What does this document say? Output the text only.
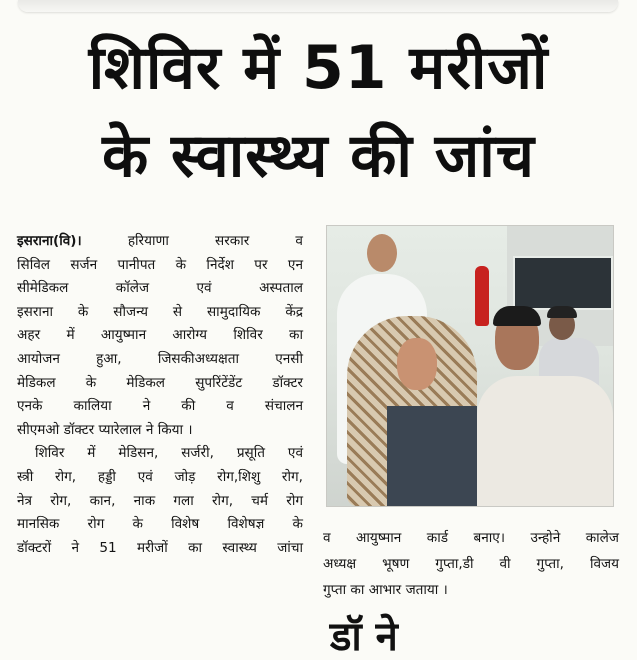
शिविर में 51 मरीजों
के स्वास्थ्य की जांच
इसराना(वि)। हरियाणा सरकार व
सिविल सर्जन पानीपत के निर्देश पर एन
सीमेडिकल कॉलेज एवं अस्पताल
इसराना के सौजन्य से सामुदायिक केंद्र
अहर में आयुष्मान आरोग्य शिविर का
आयोजन हुआ, जिसकीअध्यक्षता एनसी
मेडिकल के मेडिकल सुपरिंटेंडेंट डॉक्टर
एनके कालिया ने की व संचालन
सीएमओ डॉक्टर प्यारेलाल ने किया ।
शिविर में मेडिसन, सर्जरी, प्रसूति एवं
स्त्री रोग, हड्डी एवं जोड़ रोग,शिशु रोग,
नेत्र रोग, कान, नाक गला रोग, चर्म रोग
मानसिक रोग के विशेष विशेषज्ञ के
डॉक्टरों ने 51 मरीजों का स्वास्थ्य जांचा
व आयुष्मान कार्ड बनाए। उन्होने कालेज
अध्यक्ष भूषण गुप्ता,डी वी गुप्ता, विजय
गुप्ता का आभार जताया ।
डॉ ने
